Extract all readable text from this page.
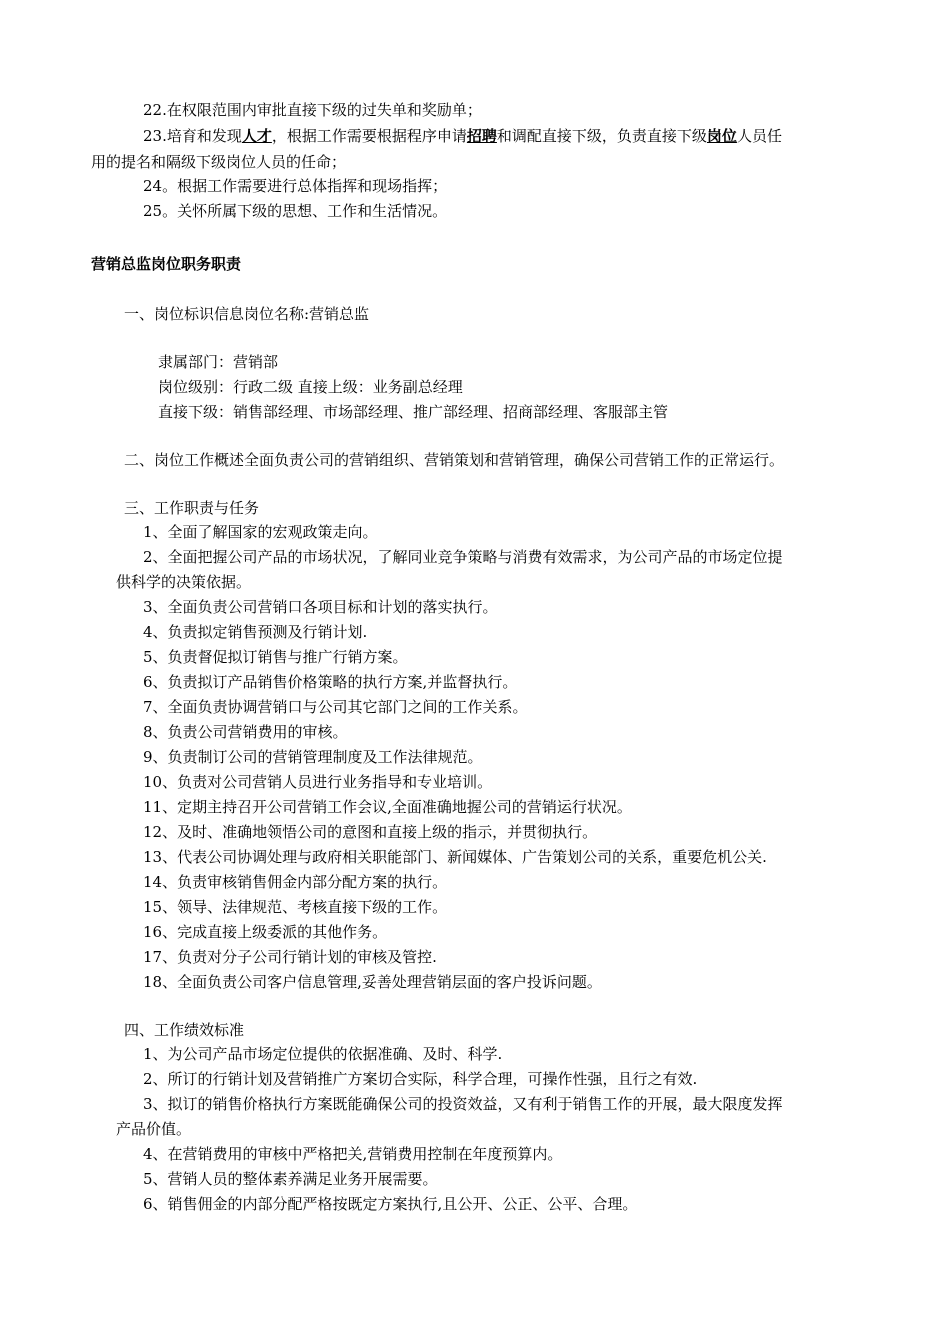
22.在权限范围内审批直接下级的过失单和奖励单；
23.培育和发现人才，根据工作需要根据程序申请招聘和调配直接下级，负责直接下级岗位人员任
用的提名和隔级下级岗位人员的任命；
24。根据工作需要进行总体指挥和现场指挥；
25。关怀所属下级的思想、工作和生活情况。
营销总监岗位职务职责
一、岗位标识信息岗位名称:营销总监
隶属部门：营销部
岗位级别：行政二级 直接上级：业务副总经理
直接下级：销售部经理、市场部经理、推广部经理、招商部经理、客服部主管
二、岗位工作概述全面负责公司的营销组织、营销策划和营销管理，确保公司营销工作的正常运行。
三、工作职责与任务
1、全面了解国家的宏观政策走向。
2、全面把握公司产品的市场状况，了解同业竞争策略与消费有效需求，为公司产品的市场定位提
供科学的决策依据。
3、全面负责公司营销口各项目标和计划的落实执行。
4、负责拟定销售预测及行销计划.
5、负责督促拟订销售与推广行销方案。
6、负责拟订产品销售价格策略的执行方案,并监督执行。
7、全面负责协调营销口与公司其它部门之间的工作关系。
8、负责公司营销费用的审核。
9、负责制订公司的营销管理制度及工作法律规范。
10、负责对公司营销人员进行业务指导和专业培训。
11、定期主持召开公司营销工作会议,全面准确地握公司的营销运行状况。
12、及时、准确地领悟公司的意图和直接上级的指示，并贯彻执行。
13、代表公司协调处理与政府相关职能部门、新闻媒体、广告策划公司的关系，重要危机公关.
14、负责审核销售佣金内部分配方案的执行。
15、领导、法律规范、考核直接下级的工作。
16、完成直接上级委派的其他作务。
17、负责对分子公司行销计划的审核及管控.
18、全面负责公司客户信息管理,妥善处理营销层面的客户投诉问题。
四、工作绩效标准
1、为公司产品市场定位提供的依据准确、及时、科学.
2、所订的行销计划及营销推广方案切合实际，科学合理，可操作性强，且行之有效.
3、拟订的销售价格执行方案既能确保公司的投资效益，又有利于销售工作的开展，最大限度发挥
产品价值。
4、在营销费用的审核中严格把关,营销费用控制在年度预算内。
5、营销人员的整体素养满足业务开展需要。
6、销售佣金的内部分配严格按既定方案执行,且公开、公正、公平、合理。
